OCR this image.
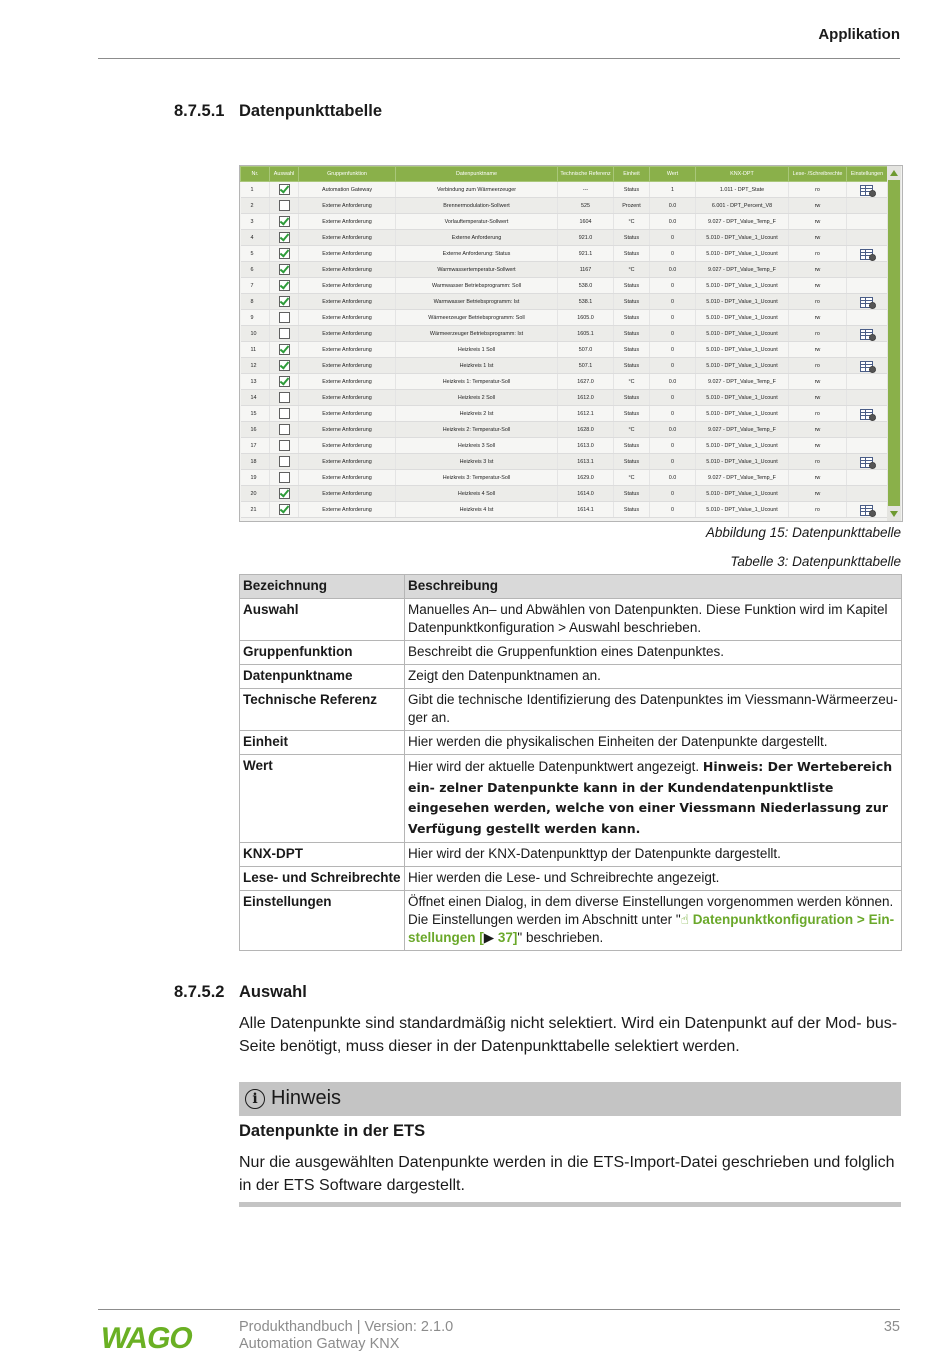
Applikation
8.7.5.1 Datenpunkttabelle
Nr.	Auswahl	Gruppenfunktion	Datenpunktname	Technische Referenz	Einheit	Wert	KNX-DPT	Lese- /Schreibrechte	Einstellungen
1		Automation Gateway	Verbindung zum Wärmeerzeuger	---	Status	1	1.011 - DPT_State	ro	

2		Externe Anforderung	Brennermodulation-Sollwert	525	Prozent	0.0	6.001 - DPT_Percent_V8	rw	
3		Externe Anforderung	Vorlauftemperatur-Sollwert	1604	°C	0.0	9.027 - DPT_Value_Temp_F	rw	
4		Externe Anforderung	Externe Anforderung	921.0	Status	0	5.010 - DPT_Value_1_Ucount	rw	
5		Externe Anforderung	Externe Anforderung: Status	921.1	Status	0	5.010 - DPT_Value_1_Ucount	ro	

6		Externe Anforderung	Warmwassertemperatur-Sollwert	1167	°C	0.0	9.027 - DPT_Value_Temp_F	rw	
7		Externe Anforderung	Warmwasser Betriebsprogramm: Soll	538.0	Status	0	5.010 - DPT_Value_1_Ucount	rw	
8		Externe Anforderung	Warmwasser Betriebsprogramm: Ist	538.1	Status	0	5.010 - DPT_Value_1_Ucount	ro	

9		Externe Anforderung	Wärmeerzeuger Betriebsprogramm: Soll	1605.0	Status	0	5.010 - DPT_Value_1_Ucount	rw	
10		Externe Anforderung	Wärmeerzeuger Betriebsprogramm: Ist	1605.1	Status	0	5.010 - DPT_Value_1_Ucount	ro	

11		Externe Anforderung	Heizkreis 1 Soll	507.0	Status	0	5.010 - DPT_Value_1_Ucount	rw	
12		Externe Anforderung	Heizkreis 1 Ist	507.1	Status	0	5.010 - DPT_Value_1_Ucount	ro	

13		Externe Anforderung	Heizkreis 1: Temperatur-Soll	1627.0	°C	0.0	9.027 - DPT_Value_Temp_F	rw	
14		Externe Anforderung	Heizkreis 2 Soll	1612.0	Status	0	5.010 - DPT_Value_1_Ucount	rw	
15		Externe Anforderung	Heizkreis 2 Ist	1612.1	Status	0	5.010 - DPT_Value_1_Ucount	ro	

16		Externe Anforderung	Heizkreis 2: Temperatur-Soll	1628.0	°C	0.0	9.027 - DPT_Value_Temp_F	rw	
17		Externe Anforderung	Heizkreis 3 Soll	1613.0	Status	0	5.010 - DPT_Value_1_Ucount	rw	
18		Externe Anforderung	Heizkreis 3 Ist	1613.1	Status	0	5.010 - DPT_Value_1_Ucount	ro	

19		Externe Anforderung	Heizkreis 3: Temperatur-Soll	1629.0	°C	0.0	9.027 - DPT_Value_Temp_F	rw	
20		Externe Anforderung	Heizkreis 4 Soll	1614.0	Status	0	5.010 - DPT_Value_1_Ucount	rw	
21		Externe Anforderung	Heizkreis 4 Ist	1614.1	Status	0	5.010 - DPT_Value_1_Ucount	ro	
Abbildung 15: Datenpunkttabelle
Tabelle 3: Datenpunkttabelle
Bezeichnung	Beschreibung
Auswahl	Manuelles An– und Abwählen von Datenpunkten. Diese Funktion wird im Kapitel Datenpunktkonfiguration > Auswahl beschrieben.
Gruppenfunktion	Beschreibt die Gruppenfunktion eines Datenpunktes.
Datenpunktname	Zeigt den Datenpunktnamen an.
Technische Referenz	Gibt die technische Identifizierung des Datenpunktes im Viessmann-Wärmeerzeu- ger an.
Einheit	Hier werden die physikalischen Einheiten der Datenpunkte dargestellt.
Wert	Hier wird der aktuelle Datenpunktwert angezeigt. Hinweis: Der Wertebereich ein- zelner Datenpunkte kann in der Kundendatenpunktliste eingesehen werden, welche von einer Viessmann Niederlassung zur Verfügung gestellt werden kann.
KNX-DPT	Hier wird der KNX-Datenpunkttyp der Datenpunkte dargestellt.
Lese- und Schreibrechte	Hier werden die Lese- und Schreibrechte angezeigt.
Einstellungen	Öffnet einen Dialog, in dem diverse Einstellungen vorgenommen werden können. Die Einstellungen werden im Abschnitt unter "☝ Datenpunktkonfiguration > Ein- stellungen [▶ 37]" beschrieben.
8.7.5.2 Auswahl
Alle Datenpunkte sind standardmäßig nicht selektiert. Wird ein Datenpunkt auf der Mod- bus-Seite benötigt, muss dieser in der Datenpunkttabelle selektiert werden.
i Hinweis
Datenpunkte in der ETS
Nur die ausgewählten Datenpunkte werden in die ETS-Import-Datei geschrieben und folglich in der ETS Software dargestellt.
WAGO	Produkthandbuch | Version: 2.1.0
Automation Gatway KNX
35
